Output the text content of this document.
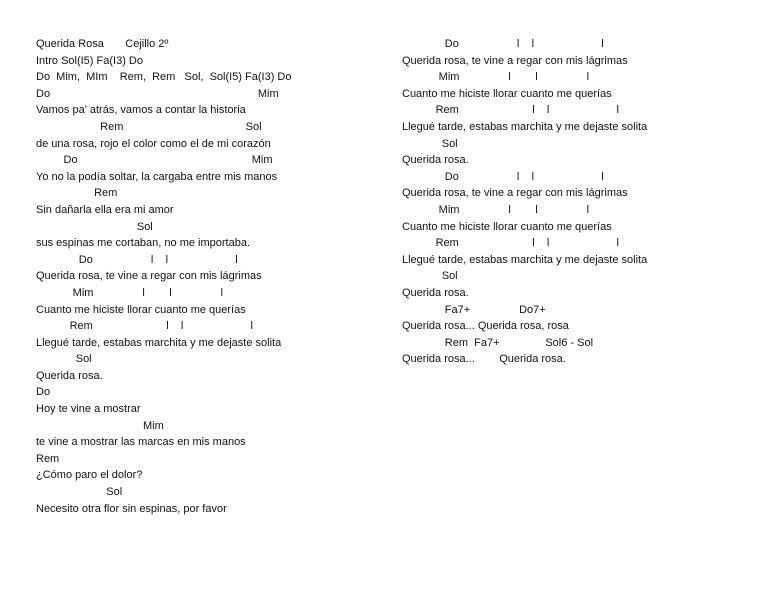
Querida Rosa       Cejillo 2º
Intro Sol(I5) Fa(I3) Do
Do  Mim,  MIm    Rem,  Rem   Sol,  Sol(I5) Fa(I3) Do
Do                                                                    Mim
Vamos pa' atrás, vamos a contar la historia
Rem                                        Sol
de una rosa, rojo el color como el de mi corazón
Do                                                         Mim
Yo no la podía soltar, la cargaba entre mis manos
Rem
Sin dañarla ella era mi amor
Sol
sus espinas me cortaban, no me importaba.
Do                   l    l                      l
Querida rosa, te vine a regar con mis lágrimas
Mim                l        l                l
Cuanto me hiciste llorar cuanto me querías
Rem                        l    l                      l
Llegué tarde, estabas marchita y me dejaste solita
Sol
Querida rosa.
Do
Hoy te vine a mostrar
Mim
te vine a mostrar las marcas en mis manos
Rem
¿Cómo paro el dolor?
Sol
Necesito otra flor sin espinas, por favor
Do                   l    l                      l
Querida rosa, te vine a regar con mis lágrimas
Mim                l        l                l
Cuanto me hiciste llorar cuanto me querías
Rem                        l    l                      l
Llegué tarde, estabas marchita y me dejaste solita
Sol
Querida rosa.
Do                   l    l                      l
Querida rosa, te vine a regar con mis lágrimas
Mim                l        l                l
Cuanto me hiciste llorar cuanto me querías
Rem                        l    l                      l
Llegué tarde, estabas marchita y me dejaste solita
Sol
Querida rosa.
Fa7+                Do7+
Querida rosa... Querida rosa, rosa
Rem  Fa7+               Sol6 - Sol
Querida rosa...        Querida rosa.
